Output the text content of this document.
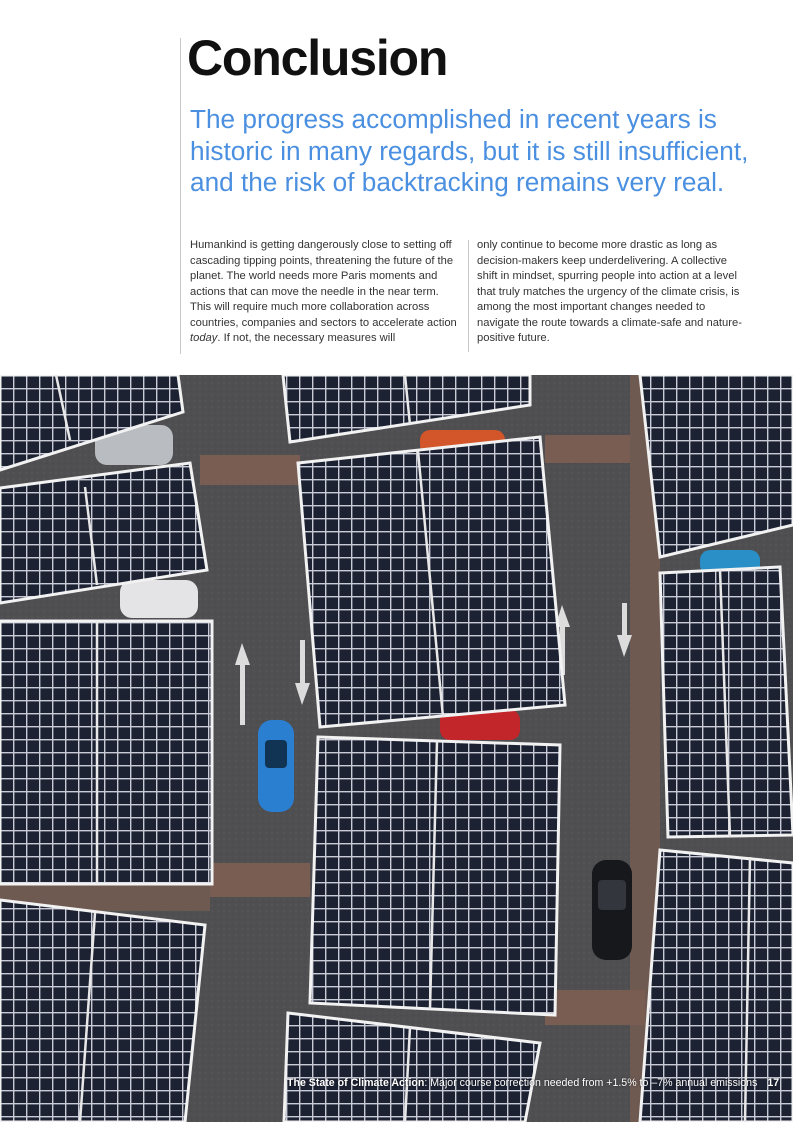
Conclusion
The progress accomplished in recent years is historic in many regards, but it is still insufficient, and the risk of backtracking remains very real.

Humankind is getting dangerously close to setting off cascading tipping points, threatening the future of the planet. The world needs more Paris moments and actions that can move the needle in the near term. This will require much more collaboration across countries, companies and sectors to accelerate action today. If not, the necessary measures will

only continue to become more drastic as long as decision-makers keep underdelivering. A collective shift in mindset, spurring people into action at a level that truly matches the urgency of the climate crisis, is among the most important changes needed to navigate the route towards a climate-safe and nature-positive future.

The State of Climate Action: Major course correction needed from +1.5% to –7% annual emissions 17
